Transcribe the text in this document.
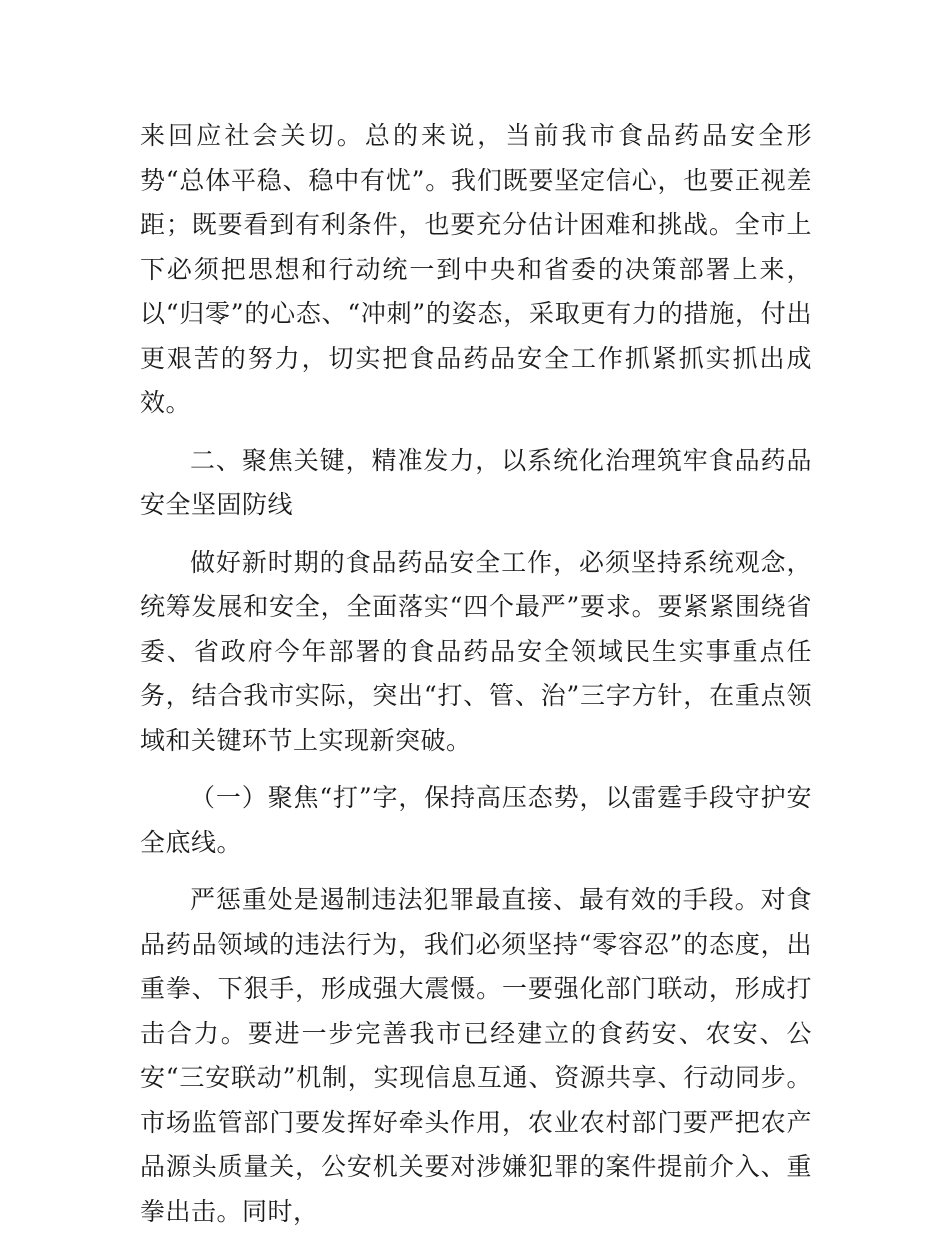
来回应社会关切。总的来说，当前我市食品药品安全形势“总体平稳、稳中有忧”。我们既要坚定信心，也要正视差距；既要看到有利条件，也要充分估计困难和挑战。全市上下必须把思想和行动统一到中央和省委的决策部署上来，以“归零”的心态、“冲刺”的姿态，采取更有力的措施，付出更艰苦的努力，切实把食品药品安全工作抓紧抓实抓出成效。

二、聚焦关键，精准发力，以系统化治理筑牢食品药品安全坚固防线

做好新时期的食品药品安全工作，必须坚持系统观念，统筹发展和安全，全面落实“四个最严”要求。要紧紧围绕省委、省政府今年部署的食品药品安全领域民生实事重点任务，结合我市实际，突出“打、管、治”三字方针，在重点领域和关键环节上实现新突破。

（一）聚焦“打”字，保持高压态势，以雷霆手段守护安全底线。

严惩重处是遏制违法犯罪最直接、最有效的手段。对食品药品领域的违法行为，我们必须坚持“零容忍”的态度，出重拳、下狠手，形成强大震慑。一要强化部门联动，形成打击合力。要进一步完善我市已经建立的食药安、农安、公安“三安联动”机制，实现信息互通、资源共享、行动同步。市场监管部门要发挥好牵头作用，农业农村部门要严把农产品源头质量关，公安机关要对涉嫌犯罪的案件提前介入、重拳出击。同时，
